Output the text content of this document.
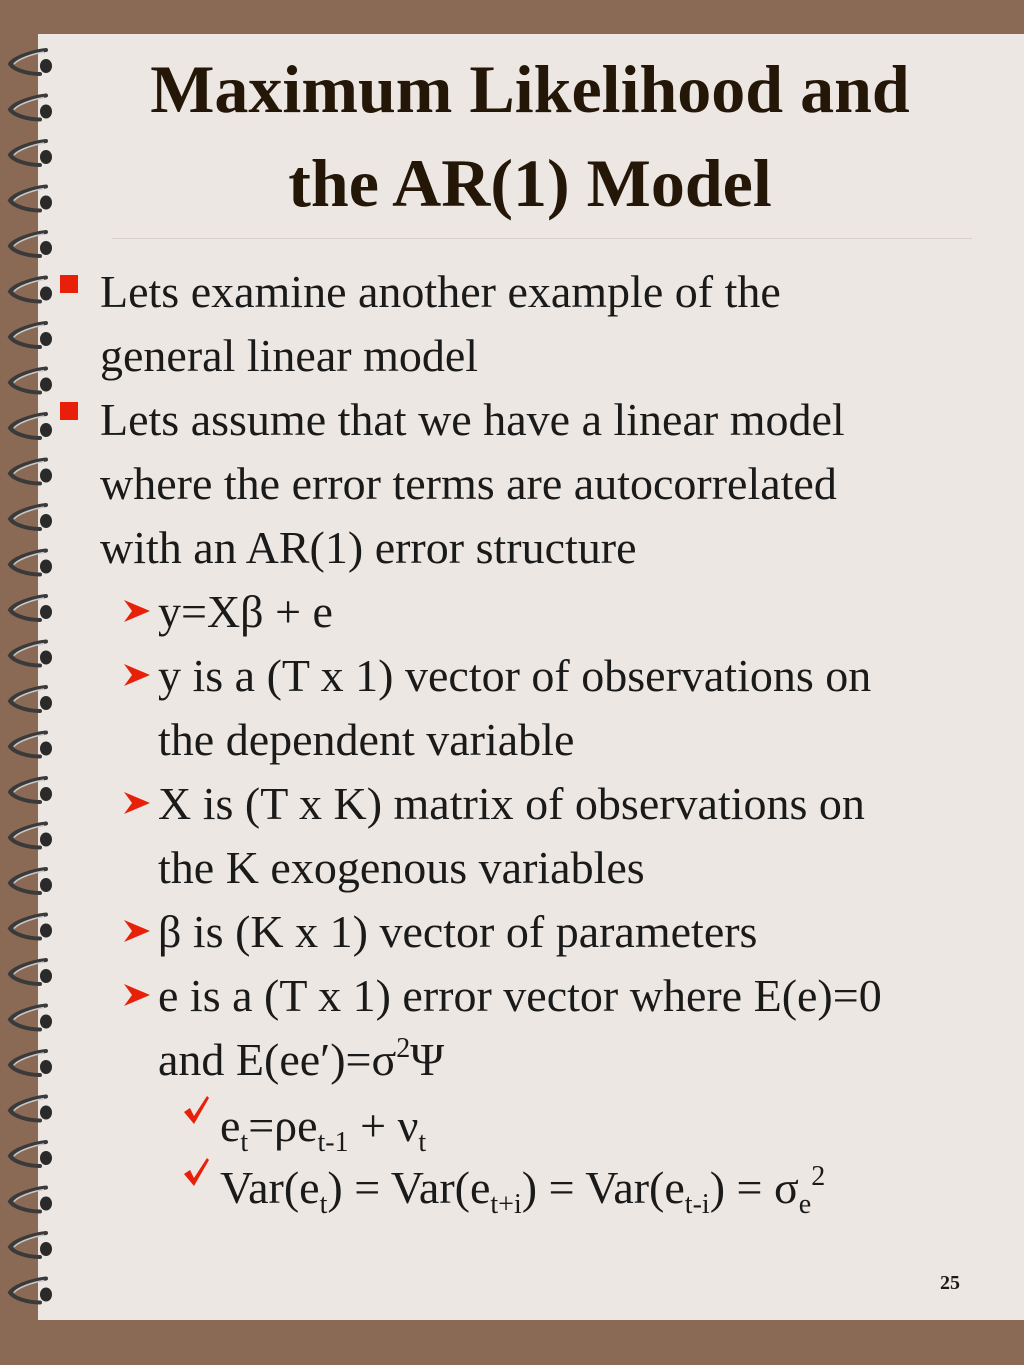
Maximum Likelihood and
the AR(1) Model
Lets examine another example of the
general linear model
Lets assume that we have a linear model
where the error terms are autocorrelated
with an AR(1) error structure
y=Xβ + e
y is a (T x 1) vector of observations on
the dependent variable
X is (T x K) matrix of observations on
the K exogenous variables
β is (K x 1) vector of parameters
e is a (T x 1) error vector where E(e)=0
and $E(ee')=\sigma^2\Psi$
$e_t=\rho e_{t-1} + \nu_t$
$Var(e_t) = Var(e_{t+i}) = Var(e_{t-i}) = \sigma_e^2$
25
